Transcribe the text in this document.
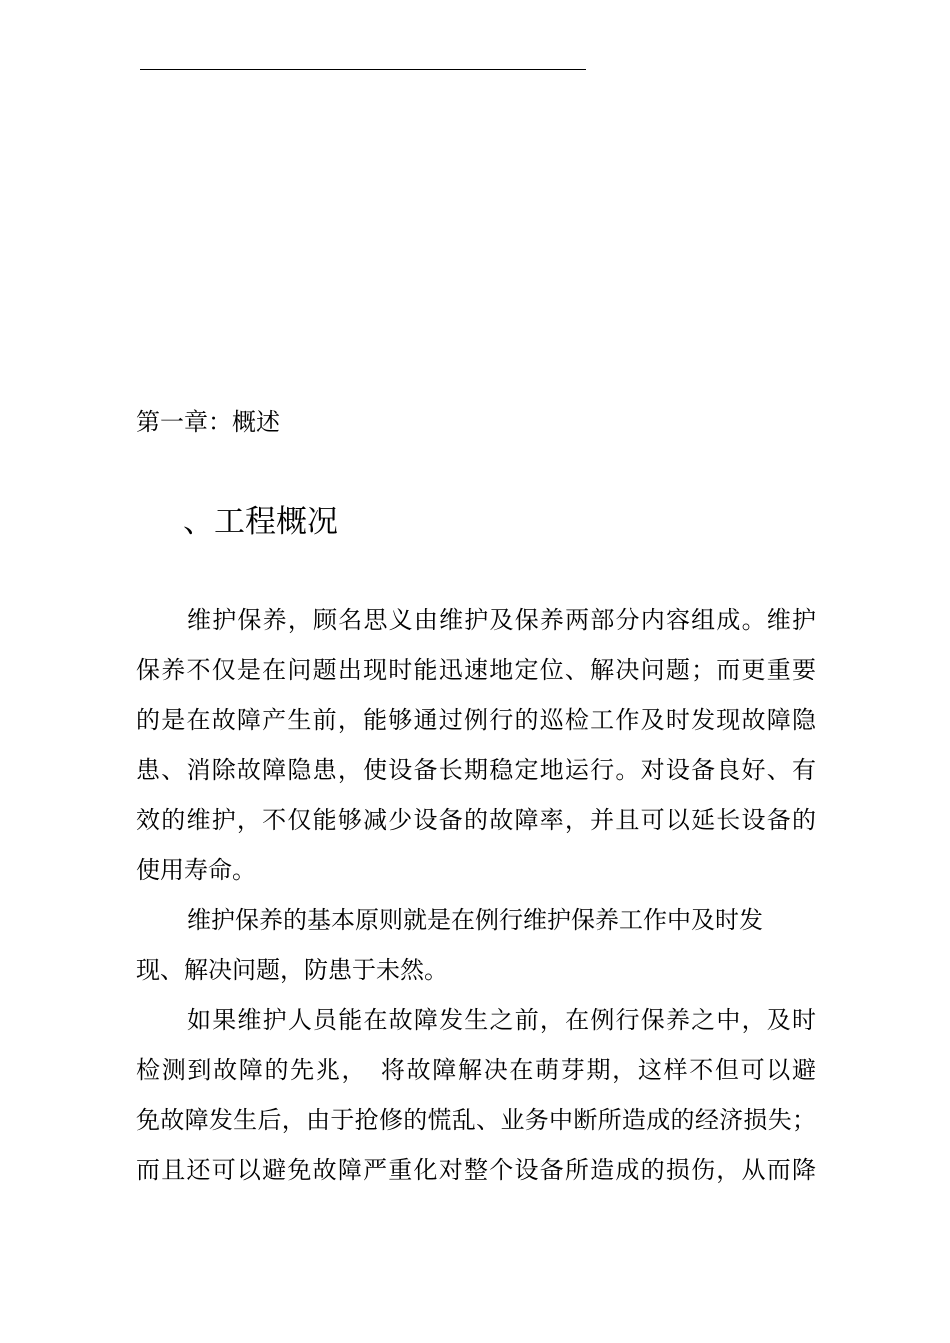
第一章：概述
、工程概况
维护保养，顾名思义由维护及保养两部分内容组成。维护
保养不仅是在问题出现时能迅速地定位、解决问题；而更重要
的是在故障产生前，能够通过例行的巡检工作及时发现故障隐
患、消除故障隐患，使设备长期稳定地运行。对设备良好、有
效的维护，不仅能够减少设备的故障率，并且可以延长设备的
使用寿命。
维护保养的基本原则就是在例行维护保养工作中及时发
现、解决问题，防患于未然。
如果维护人员能在故障发生之前，在例行保养之中，及时
检测到故障的先兆，　将故障解决在萌芽期，这样不但可以避
免故障发生后，由于抢修的慌乱、业务中断所造成的经济损失；
而且还可以避免故障严重化对整个设备所造成的损伤，从而降
